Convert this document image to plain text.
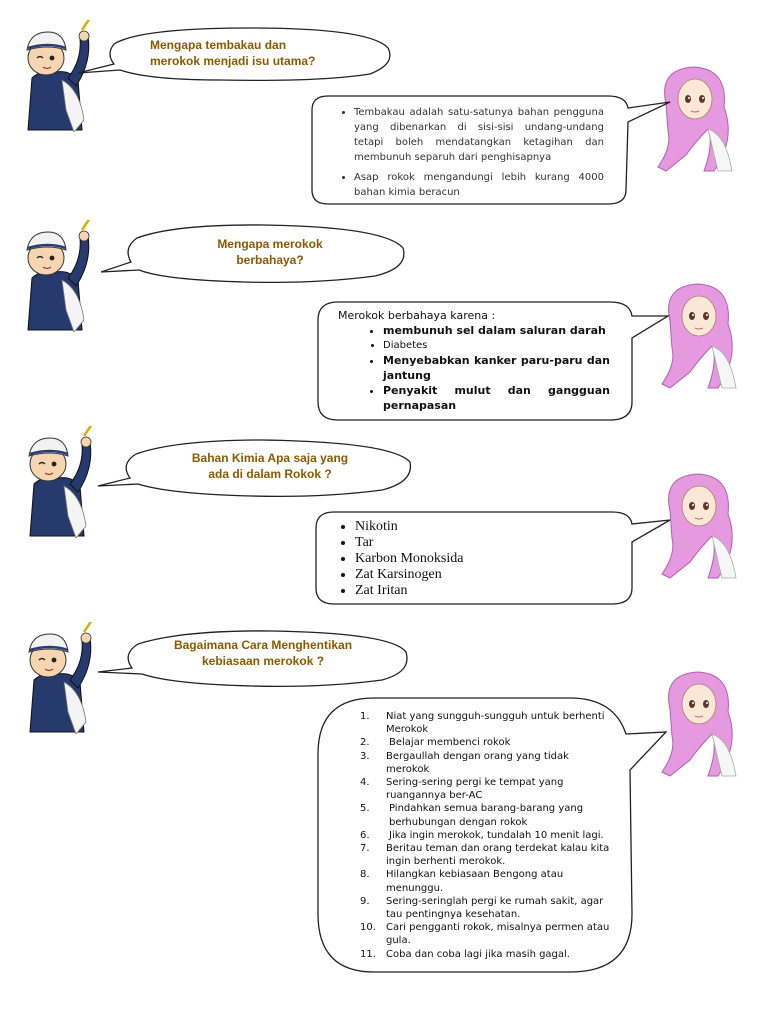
Mengapa tembakau dan
merokok menjadi isu utama?
• Tembakau adalah satu-satunya bahan pengguna yang dibenarkan di sisi-sisi undang-undang tetapi boleh mendatangkan ketagihan dan membunuh separuh dari penghisapnya
• Asap rokok mengandungi lebih kurang 4000 bahan kimia beracun
Mengapa merokok
berbahaya?
Merokok berbahaya karena :
• membunuh sel dalam saluran darah
• Diabetes
• Menyebabkan kanker paru-paru dan jantung
• Penyakit mulut dan gangguan pernapasan
Bahan Kimia Apa saja yang
ada di dalam Rokok ?
• Nikotin
• Tar
• Karbon Monoksida
• Zat Karsinogen
• Zat Iritan
Bagaimana Cara Menghentikan
kebiasaan merokok ?
1.	Niat yang sungguh-sungguh untuk berhenti Merokok
2.	Belajar membenci rokok
3.	Bergaullah dengan orang yang tidak merokok
4.	Sering-sering pergi ke tempat yang ruangannya ber-AC
5.	Pindahkan semua barang-barang yang berhubungan dengan rokok
6.	Jika ingin merokok, tundalah 10 menit lagi.
7.	Beritau teman dan orang terdekat kalau kita ingin berhenti merokok.
8.	Hilangkan kebiasaan Bengong atau menunggu.
9.	Sering-seringlah pergi ke rumah sakit, agar tau pentingnya kesehatan.
10.	Cari pengganti rokok, misalnya permen atau gula.
11.	Coba dan coba lagi jika masih gagal.
